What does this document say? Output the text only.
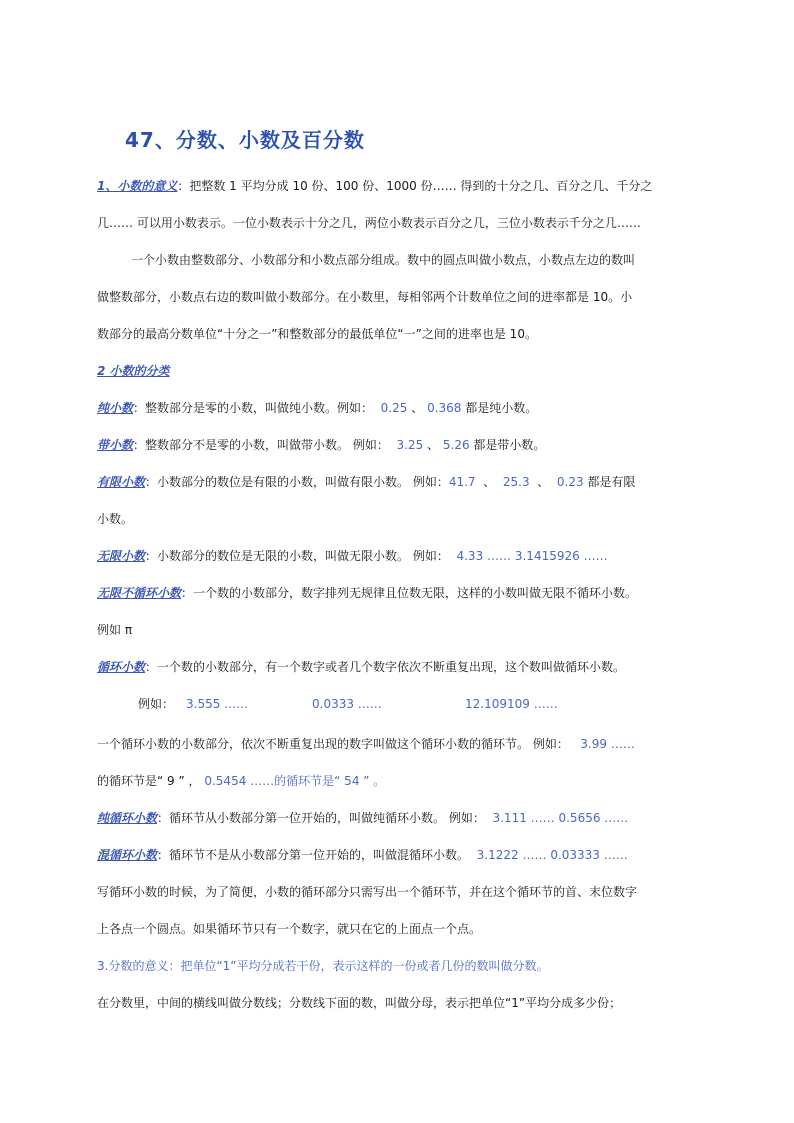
47、分数、小数及百分数
1、小数的意义：把整数 1 平均分成 10 份、100 份、1000 份…… 得到的十分之几、百分之几、千分之
几…… 可以用小数表示。一位小数表示十分之几，两位小数表示百分之几，三位小数表示千分之几……
一个小数由整数部分、小数部分和小数点部分组成。数中的圆点叫做小数点，小数点左边的数叫
做整数部分，小数点右边的数叫做小数部分。在小数里，每相邻两个计数单位之间的进率都是 10。小
数部分的最高分数单位“十分之一”和整数部分的最低单位“一”之间的进率也是 10。
2 小数的分类
纯小数：整数部分是零的小数，叫做纯小数。例如： 0.25 、 0.368 都是纯小数。
带小数：整数部分不是零的小数，叫做带小数。 例如： 3.25 、 5.26 都是带小数。
有限小数：小数部分的数位是有限的小数，叫做有限小数。 例如：41.7 、 25.3 、 0.23 都是有限
小数。
无限小数：小数部分的数位是无限的小数，叫做无限小数。 例如： 4.33 …… 3.1415926 ……
无限不循环小数：一个数的小数部分，数字排列无规律且位数无限，这样的小数叫做无限不循环小数。
例如 π
循环小数：一个数的小数部分，有一个数字或者几个数字依次不断重复出现，这个数叫做循环小数。
例如： 3.555 ……	0.0333 ……	12.109109 ……
一个循环小数的小数部分，依次不断重复出现的数字叫做这个循环小数的循环节。 例如： 3.99 ……
的循环节是“ 9 ” ， 0.5454 ……的循环节是“ 54 ” 。
纯循环小数：循环节从小数部分第一位开始的，叫做纯循环小数。 例如： 3.111 …… 0.5656 ……
混循环小数：循环节不是从小数部分第一位开始的，叫做混循环小数。 3.1222 …… 0.03333 ……
写循环小数的时候，为了简便，小数的循环部分只需写出一个循环节，并在这个循环节的首、末位数字
上各点一个圆点。如果循环节只有一个数字，就只在它的上面点一个点。
3.分数的意义：把单位“1”平均分成若干份，表示这样的一份或者几份的数叫做分数。
在分数里，中间的横线叫做分数线；分数线下面的数，叫做分母，表示把单位“1”平均分成多少份；
